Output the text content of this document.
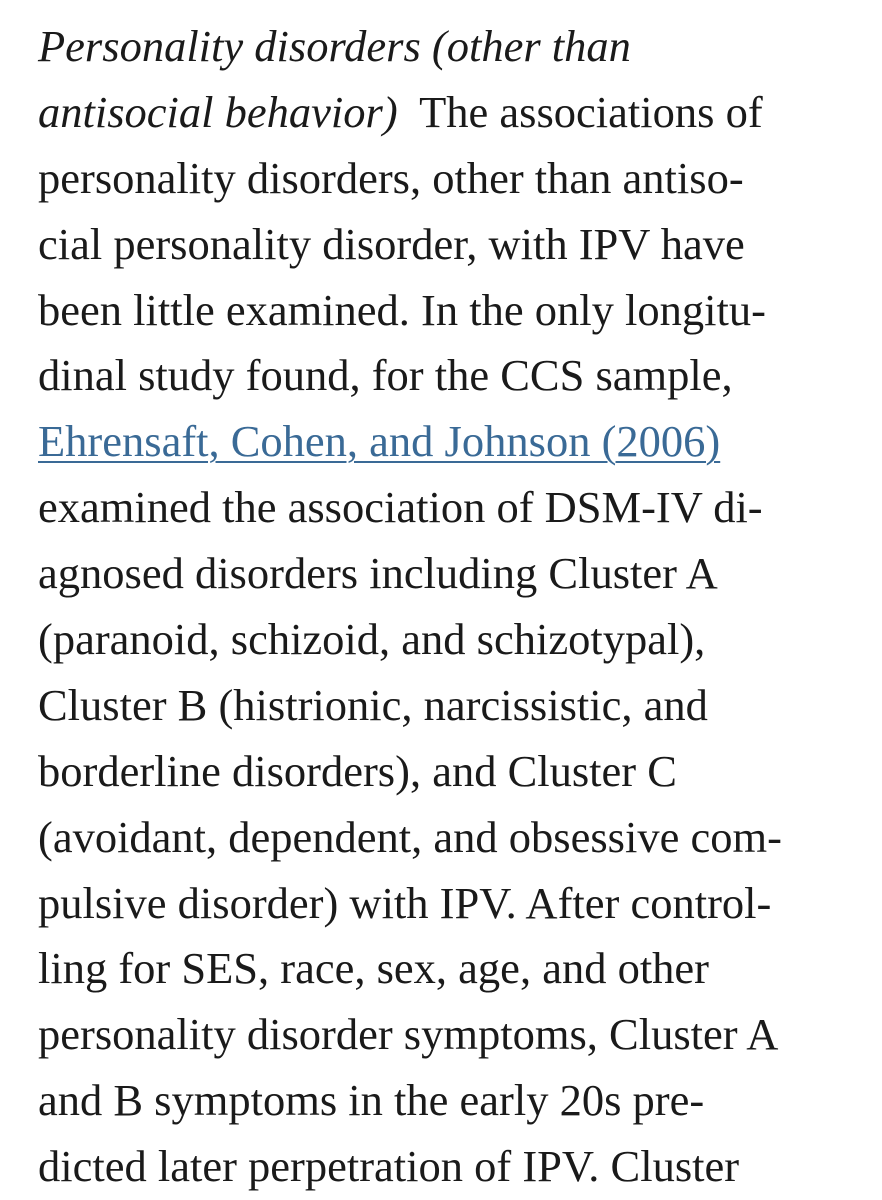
Personality disorders (other than
antisocial behavior) The associations of
personality disorders, other than antiso-
cial personality disorder, with IPV have
been little examined. In the only longitu-
dinal study found, for the CCS sample,
Ehrensaft, Cohen, and Johnson (2006)
examined the association of DSM-IV di-
agnosed disorders including Cluster A
(paranoid, schizoid, and schizotypal),
Cluster B (histrionic, narcissistic, and
borderline disorders), and Cluster C
(avoidant, dependent, and obsessive com-
pulsive disorder) with IPV. After control-
ling for SES, race, sex, age, and other
personality disorder symptoms, Cluster A
and B symptoms in the early 20s pre-
dicted later perpetration of IPV. Cluster
